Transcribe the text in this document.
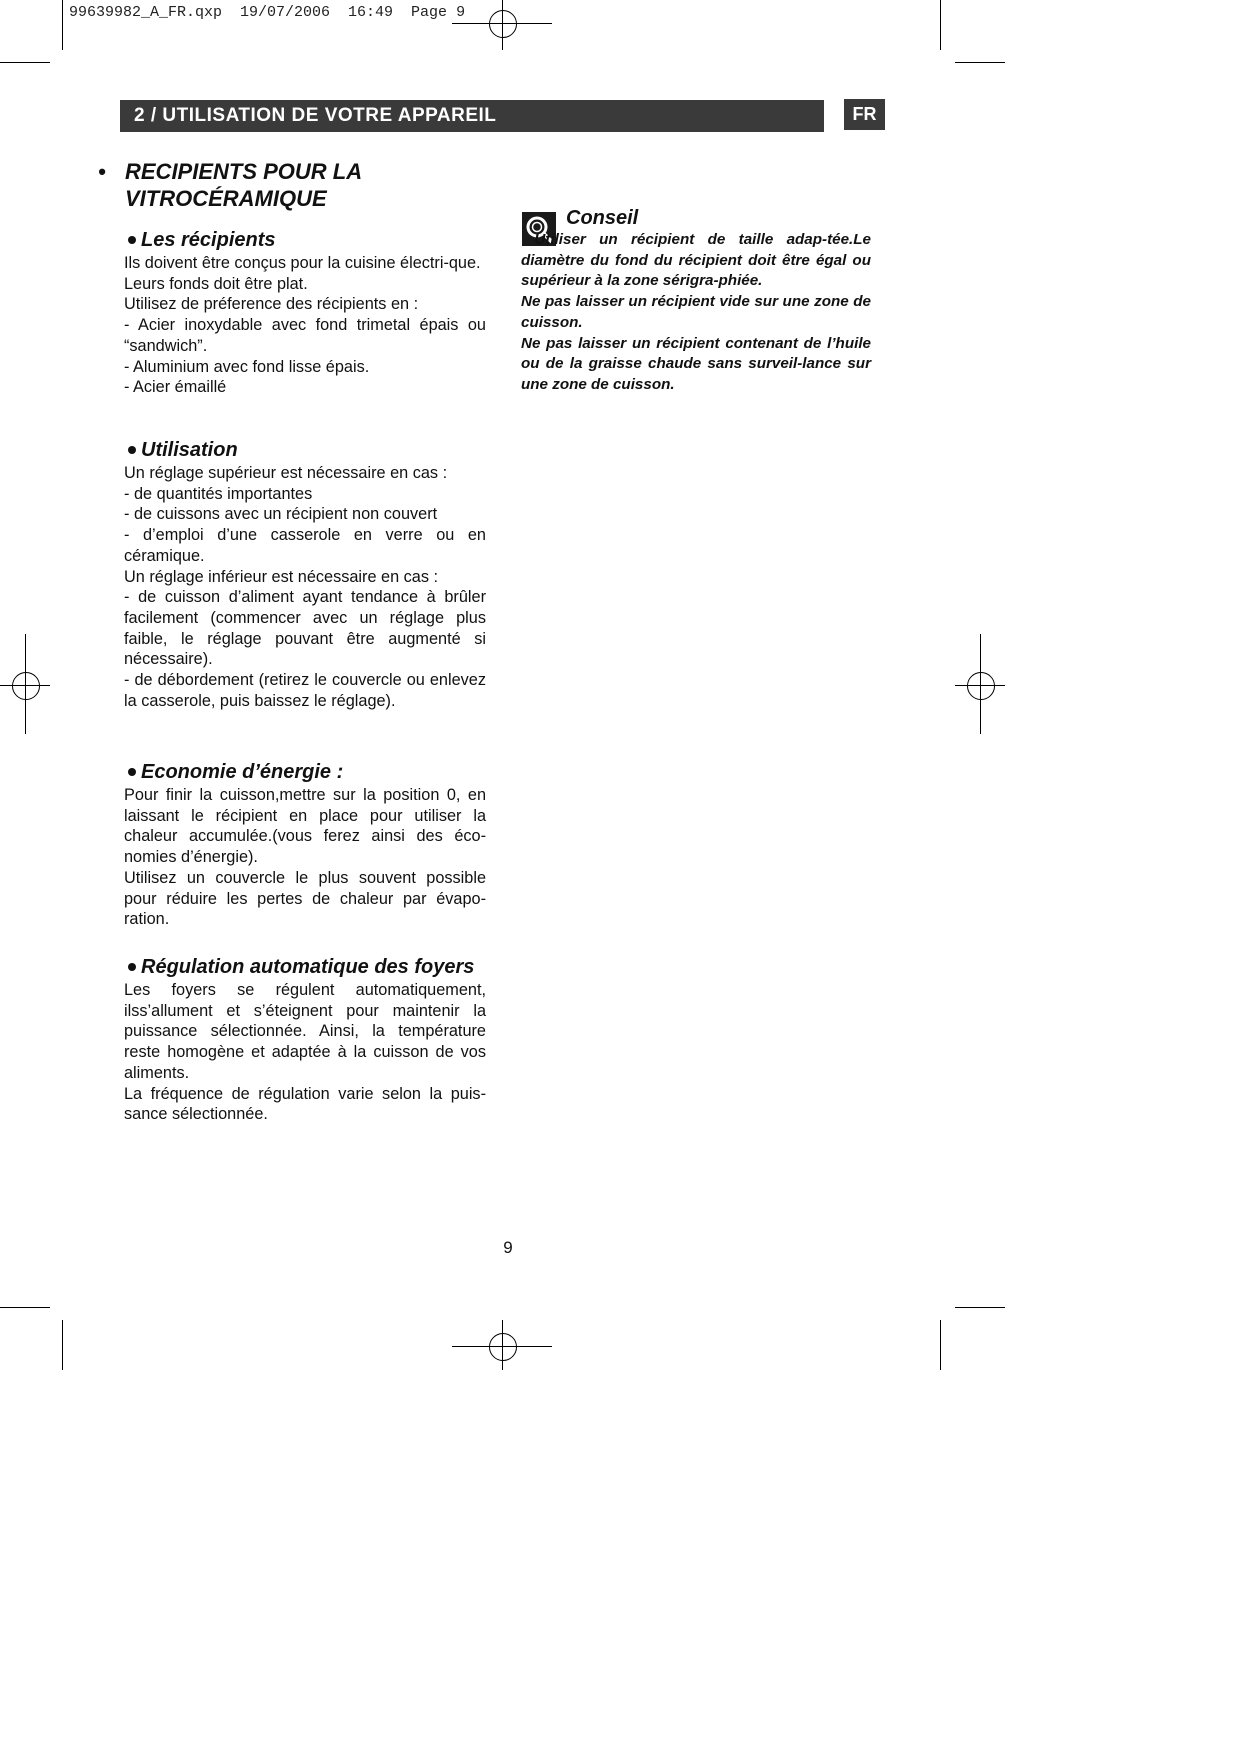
99639982_A_FR.qxp  19/07/2006  16:49  Page 9
2 / UTILISATION DE VOTRE APPAREIL	FR
• RECIPIENTS POUR LA
VITROCÉRAMIQUE
Les récipients

Ils doivent être conçus pour la cuisine électri-que.

Leurs fonds doit être plat.

Utilisez de préference des récipients en :

- Acier inoxydable avec fond trimetal épais ou “sandwich”.

- Aluminium avec fond lisse épais.

- Acier émaillé

Utilisation

Un réglage supérieur est nécessaire en cas :

- de quantités importantes

- de cuissons avec un récipient non couvert

- d’emploi d’une casserole en verre ou en céramique.

Un réglage inférieur est nécessaire en cas :

- de cuisson d’aliment ayant tendance à brûler facilement (commencer avec un réglage plus faible, le réglage pouvant être augmenté si nécessaire).

- de débordement (retirez le couvercle ou enlevez la casserole, puis baissez le réglage).

Economie d’énergie :

Pour finir la cuisson,mettre sur la position 0, en laissant le récipient en place pour utiliser la chaleur accumulée.(vous ferez ainsi des éco-nomies d’énergie).

Utilisez un couvercle le plus souvent possible pour réduire les pertes de chaleur par évapo-ration.

Régulation automatique des foyers

Les foyers se régulent automatiquement, ilss’allument et s’éteignent pour maintenir la puissance sélectionnée. Ainsi, la température reste homogène et adaptée à la cuisson de vos aliments.

La fréquence de régulation varie selon la puis-sance sélectionnée.

Conseil

Utiliser un récipient de taille adap-tée.Le diamètre du fond du récipient doit être égal ou supérieur à la zone sérigra-phiée.

Ne pas laisser un récipient vide sur une zone de cuisson.

Ne pas laisser un récipient contenant de l’huile ou de la graisse chaude sans surveil-lance sur une zone de cuisson.

9
